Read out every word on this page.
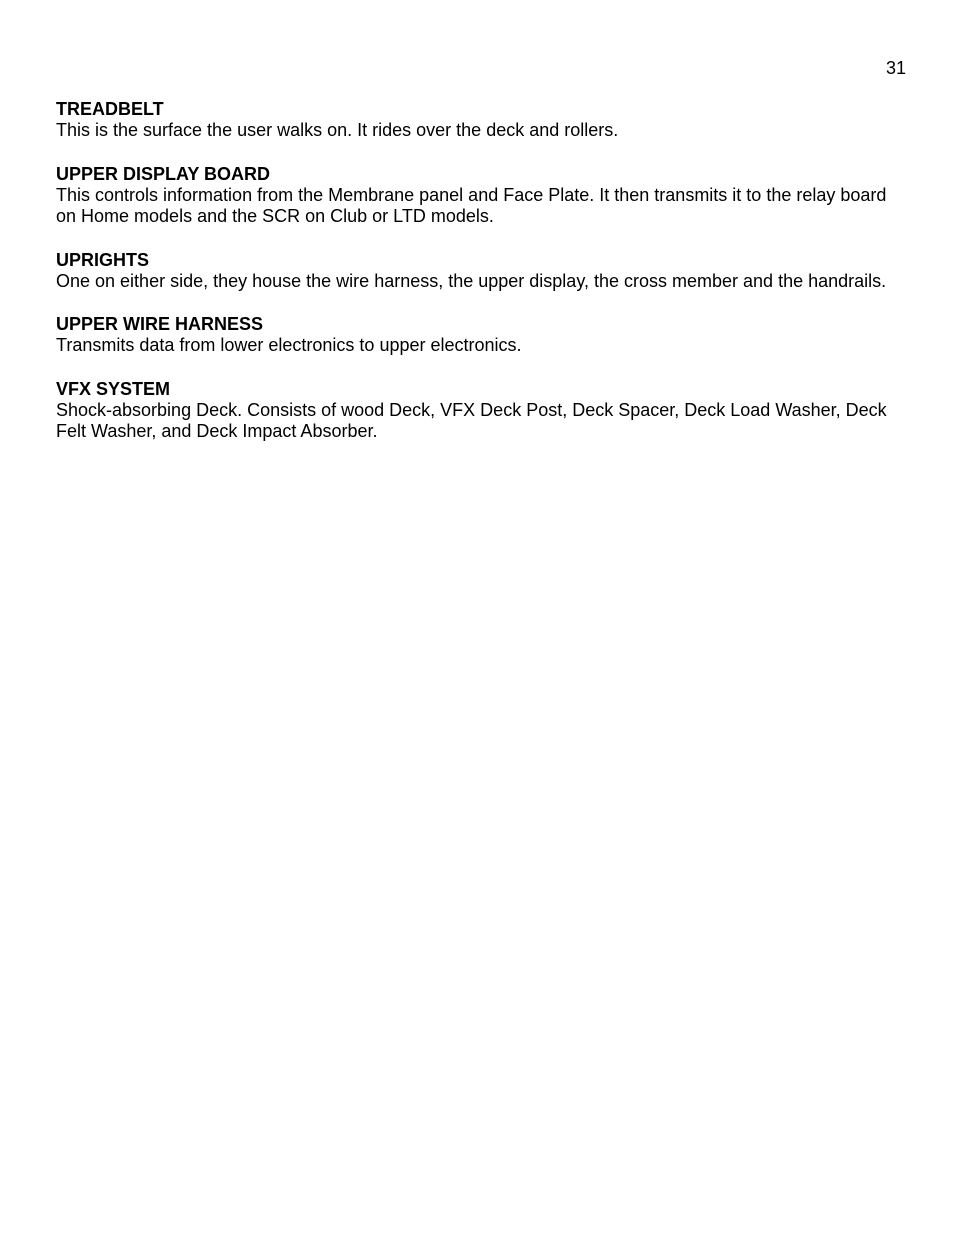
31

TREADBELT

This is the surface the user walks on. It rides over the deck and rollers.

UPPER DISPLAY BOARD

This controls information from the Membrane panel and Face Plate. It then transmits it to the relay board on Home models and the SCR on Club or LTD models.

UPRIGHTS

One on either side, they house the wire harness, the upper display, the cross member and the handrails.

UPPER WIRE HARNESS

Transmits data from lower electronics to upper electronics.

VFX SYSTEM

Shock-absorbing Deck. Consists of wood Deck, VFX Deck Post, Deck Spacer, Deck Load Washer, Deck Felt Washer, and Deck Impact Absorber.
